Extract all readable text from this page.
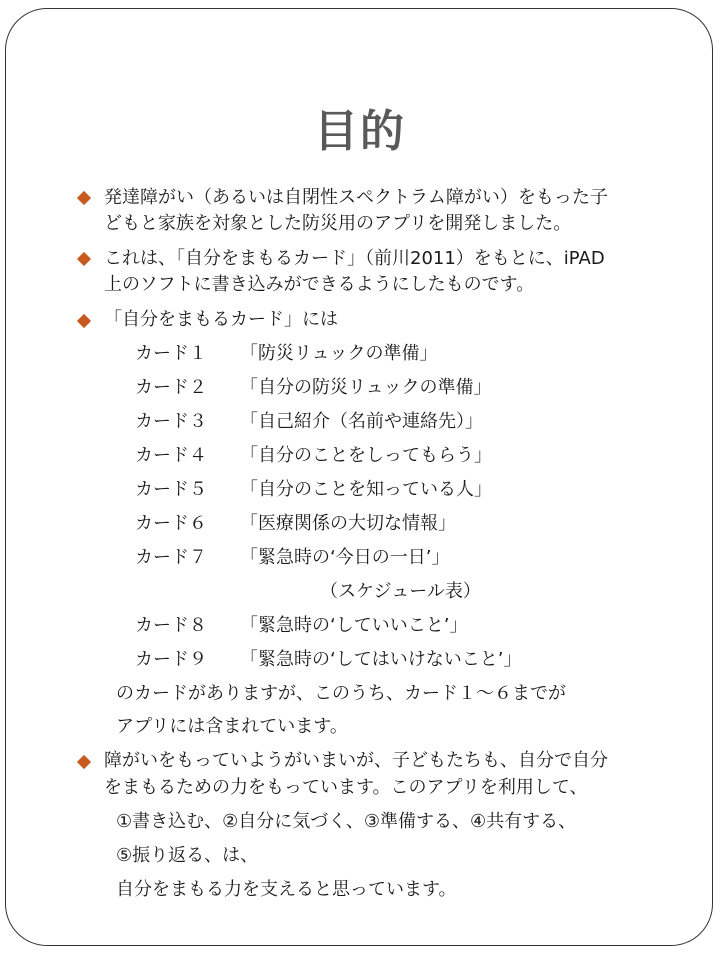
目的
発達障がい（あるいは自閉性スペクトラム障がい）をもった子
どもと家族を対象とした防災用のアプリを開発しました。
これは、「自分をまもるカード」（前川2011）をもとに、iPAD
上のソフトに書き込みができるようにしたものです。
「自分をまもるカード」には
カード１ 「防災リュックの準備」
カード２ 「自分の防災リュックの準備」
カード３ 「自己紹介（名前や連絡先）」
カード４ 「自分のことをしってもらう」
カード５ 「自分のことを知っている人」
カード６ 「医療関係の大切な情報」
カード７ 「緊急時の‘今日の一日’」
（スケジュール表）
カード８ 「緊急時の‘していいこと’」
カード９ 「緊急時の‘してはいけないこと’」
のカードがありますが、このうち、カード１～６までが
アプリには含まれています。
障がいをもっていようがいまいが、子どもたちも、自分で自分
をまもるための力をもっています。このアプリを利用して、
①書き込む、②自分に気づく、③準備する、④共有する、
⑤振り返る、は、
自分をまもる力を支えると思っています。
